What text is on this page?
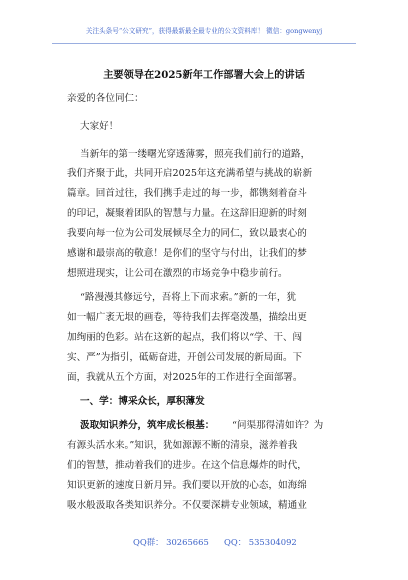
关注头条号“公文研究”，获得最新最全最专业的公文资料库！ 微信：gongwenyj
主要领导在2025新年工作部署大会上的讲话
亲爱的各位同仁：
大家好！
当新年的第一缕曙光穿透薄雾，照亮我们前行的道路，
我们齐聚于此，共同开启2025年这充满希望与挑战的崭新
篇章。回首过往，我们携手走过的每一步，都镌刻着奋斗
的印记，凝聚着团队的智慧与力量。在这辞旧迎新的时刻
我要向每一位为公司发展倾尽全力的同仁，致以最衷心的
感谢和最崇高的敬意！是你们的坚守与付出，让我们的梦
想照进现实，让公司在激烈的市场竞争中稳步前行。
“路漫漫其修远兮，吾将上下而求索。”新的一年，犹
如一幅广袤无垠的画卷，等待我们去挥毫泼墨，描绘出更
加绚丽的色彩。站在这新的起点，我们将以“学、干、闯
实、严”为指引，砥砺奋进，开创公司发展的新局面。下
面，我就从五个方面，对2025年的工作进行全面部署。
一、学：博采众长，厚积薄发
汲取知识养分，筑牢成长根基： “问渠那得清如许？为
有源头活水来。”知识，犹如源源不断的清泉，滋养着我
们的智慧，推动着我们的进步。在这个信息爆炸的时代，
知识更新的速度日新月异。我们要以开放的心态，如海绵
吸水般汲取各类知识养分。不仅要深耕专业领域，精通业
QQ群： 30265665 QQ： 535304092
